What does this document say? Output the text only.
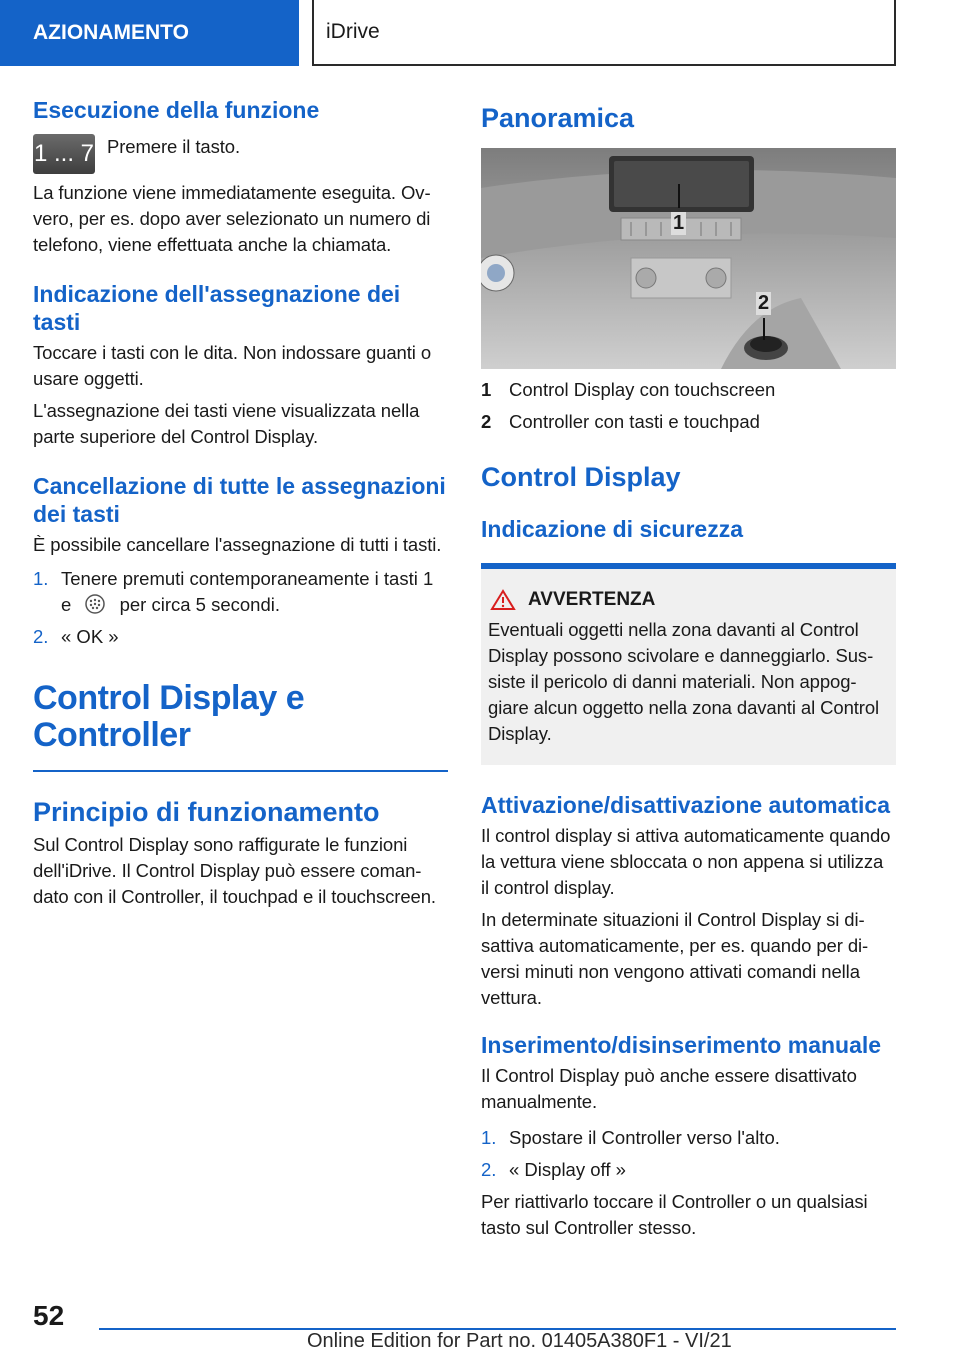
AZIONAMENTO	iDrive
Esecuzione della funzione
1 ... 7 Premere il tasto.

La funzione viene immediatamente eseguita. Ovvero, per es. dopo aver selezionato un numero di telefono, viene effettuata anche la chiamata.

Indicazione dell'assegnazione dei tasti

Toccare i tasti con le dita. Non indossare guanti o usare oggetti.

L'assegnazione dei tasti viene visualizzata nella parte superiore del Control Display.

Cancellazione di tutte le assegnazioni dei tasti

È possibile cancellare l'assegnazione di tutti i tasti.

1. Tenere premuti contemporaneamente i tasti 1 e	per circa 5 secondi.
2. « OK »
Control Display e Controller
Principio di funzionamento

Sul Control Display sono raffigurate le funzioni dell'iDrive. Il Control Display può essere comandato con il Controller, il touchpad e il touchscreen.

Panoramica
1
2
1 Control Display con touchscreen
2 Controller con tasti e touchpad
Control Display
Indicazione di sicurezza
AVVERTENZA

Eventuali oggetti nella zona davanti al Control Display possono scivolare e danneggiarlo. Sussiste il pericolo di danni materiali. Non appoggiare alcun oggetto nella zona davanti al Control Display.

Attivazione/disattivazione automatica

Il control display si attiva automaticamente quando la vettura viene sbloccata o non appena si utilizza il control display.

In determinate situazioni il Control Display si disattiva automaticamente, per es. quando per diversi minuti non vengono attivati comandi nella vettura.

Inserimento/disinserimento manuale

Il Control Display può anche essere disattivato manualmente.

1. Spostare il Controller verso l'alto.
2. « Display off »

Per riattivarlo toccare il Controller o un qualsiasi tasto sul Controller stesso.

52
Online Edition for Part no. 01405A380F1 - VI/21
